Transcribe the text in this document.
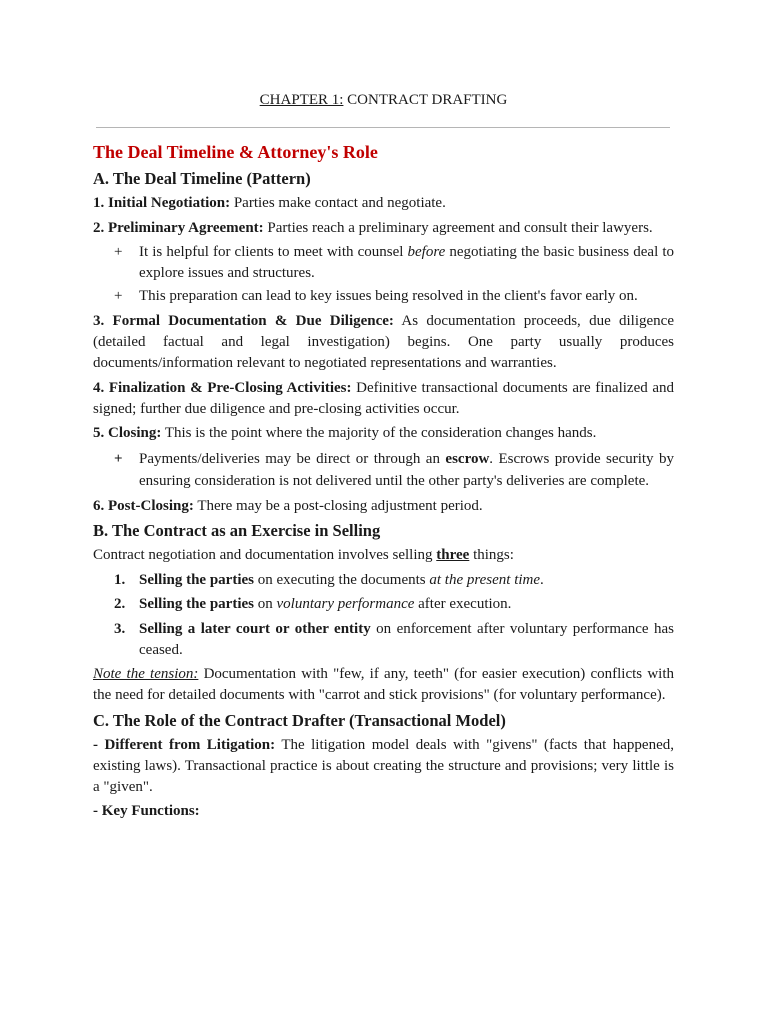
CHAPTER 1: CONTRACT DRAFTING
The Deal Timeline & Attorney's Role
A. The Deal Timeline (Pattern)

1. Initial Negotiation: Parties make contact and negotiate.

2. Preliminary Agreement: Parties reach a preliminary agreement and consult their lawyers.

+ It is helpful for clients to meet with counsel before negotiating the basic business deal to explore issues and structures.
+ This preparation can lead to key issues being resolved in the client's favor early on.

3. Formal Documentation & Due Diligence: As documentation proceeds, due diligence (detailed factual and legal investigation) begins. One party usually produces documents/information relevant to negotiated representations and warranties.

4. Finalization & Pre-Closing Activities: Definitive transactional documents are finalized and signed; further due diligence and pre-closing activities occur.

5. Closing: This is the point where the majority of the consideration changes hands.

+ Payments/deliveries may be direct or through an escrow. Escrows provide security by ensuring consideration is not delivered until the other party's deliveries are complete.

6. Post-Closing: There may be a post-closing adjustment period.

B. The Contract as an Exercise in Selling

Contract negotiation and documentation involves selling three things:

1. Selling the parties on executing the documents at the present time.
2. Selling the parties on voluntary performance after execution.
3. Selling a later court or other entity on enforcement after voluntary performance has ceased.

Note the tension: Documentation with "few, if any, teeth" (for easier execution) conflicts with the need for detailed documents with "carrot and stick provisions" (for voluntary performance).

C. The Role of the Contract Drafter (Transactional Model)

- Different from Litigation: The litigation model deals with "givens" (facts that happened, existing laws). Transactional practice is about creating the structure and provisions; very little is a "given".

- Key Functions:
